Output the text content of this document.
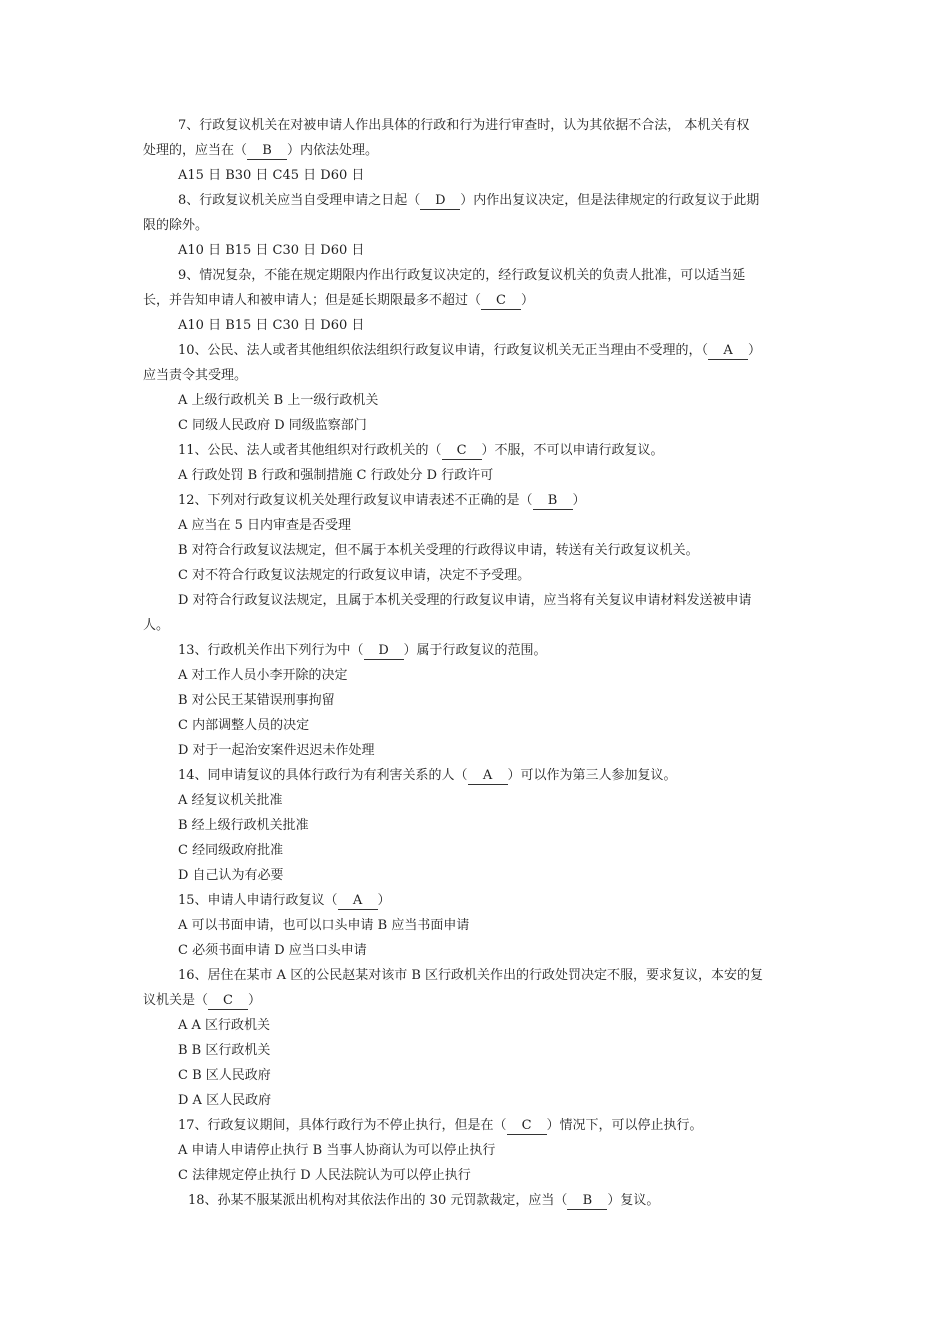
7、行政复议机关在对被申请人作出具体的行政和行为进行审查时，认为其依据不合法， 本机关有权
处理的，应当在（ B ）内依法处理。
A15 日 B30 日 C45 日 D60 日
8、行政复议机关应当自受理申请之日起（ D ）内作出复议决定，但是法律规定的行政复议于此期
限的除外。
A10 日 B15 日 C30 日 D60 日
9、情况复杂，不能在规定期限内作出行政复议决定的，经行政复议机关的负责人批准，可以适当延
长，并告知申请人和被申请人；但是延长期限最多不超过（ C ）
A10 日 B15 日 C30 日 D60 日
10、公民、法人或者其他组织依法组织行政复议申请，行政复议机关无正当理由不受理的，（ A ）
应当责令其受理。
A 上级行政机关 B 上一级行政机关
C 同级人民政府 D 同级监察部门
11、公民、法人或者其他组织对行政机关的（ C ）不服，不可以申请行政复议。
A 行政处罚 B 行政和强制措施 C 行政处分 D 行政许可
12、下列对行政复议机关处理行政复议申请表述不正确的是（ B ）
A 应当在 5 日内审查是否受理
B 对符合行政复议法规定，但不属于本机关受理的行政得议申请，转送有关行政复议机关。
C 对不符合行政复议法规定的行政复议申请，决定不予受理。
D 对符合行政复议法规定，且属于本机关受理的行政复议申请，应当将有关复议申请材料发送被申请
人。
13、行政机关作出下列行为中（ D ）属于行政复议的范围。
A 对工作人员小李开除的决定
B 对公民王某错误刑事拘留
C 内部调整人员的决定
D 对于一起治安案件迟迟未作处理
14、同申请复议的具体行政行为有利害关系的人（ A ）可以作为第三人参加复议。
A 经复议机关批准
B 经上级行政机关批准
C 经同级政府批准
D 自己认为有必要
15、申请人申请行政复议（ A ）
A 可以书面申请，也可以口头申请 B 应当书面申请
C 必须书面申请 D 应当口头申请
16、居住在某市 A 区的公民赵某对该市 B 区行政机关作出的行政处罚决定不服，要求复议，本安的复
议机关是（ C ）
A A 区行政机关
B B 区行政机关
C B 区人民政府
D A 区人民政府
17、行政复议期间，具体行政行为不停止执行，但是在（ C ）情况下，可以停止执行。
A 申请人申请停止执行 B 当事人协商认为可以停止执行
C 法律规定停止执行 D 人民法院认为可以停止执行
18、孙某不服某派出机构对其依法作出的 30 元罚款裁定，应当（ B ）复议。
